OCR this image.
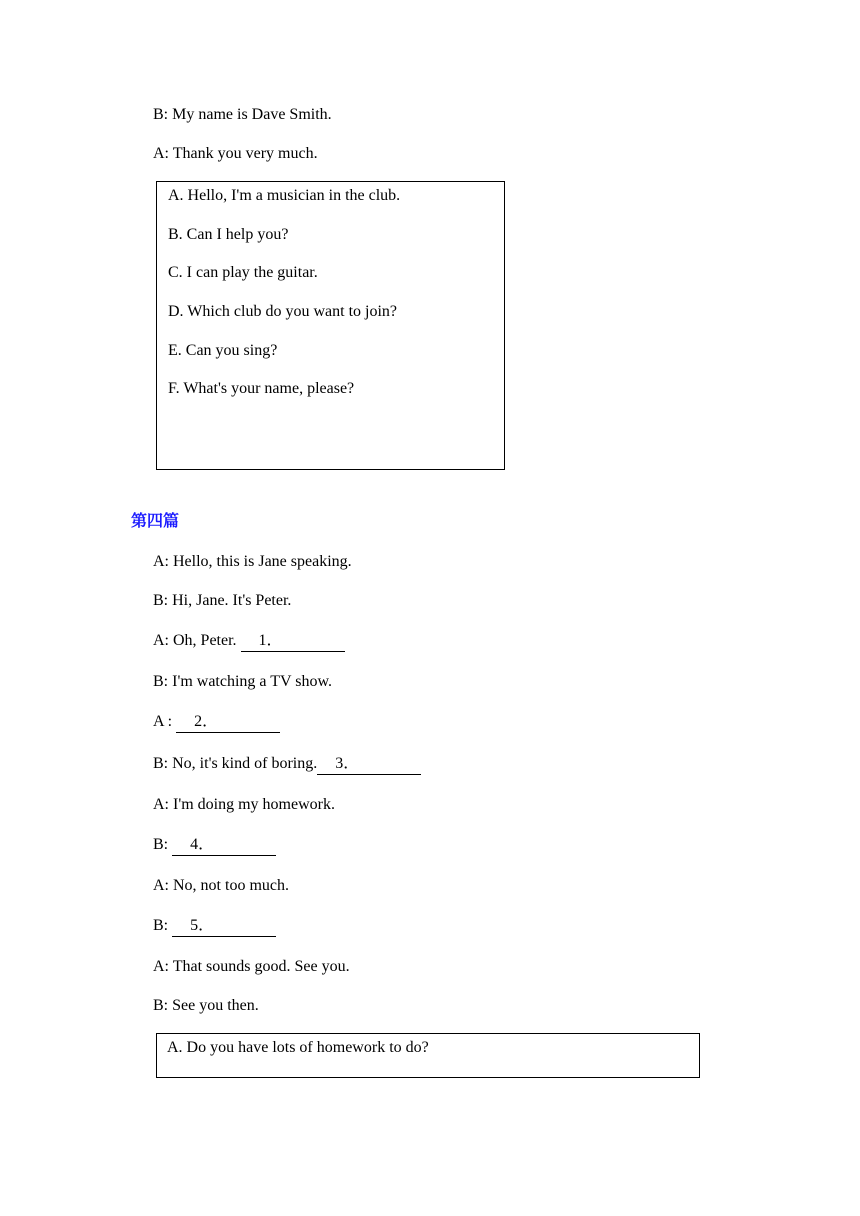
B: My name is Dave Smith.
A: Thank you very much.
A. Hello, I'm a musician in the club.
B. Can I help you?
C. I can play the guitar.
D. Which club do you want to join?
E. Can you sing?
F. What's your name, please?
第四篇
A: Hello, this is Jane speaking.
B: Hi, Jane. It's Peter.
A: Oh, Peter. 1．
B: I'm watching a TV show.
A : 2．
B: No, it's kind of boring. 3．
A: I'm doing my homework.
B: 4．
A: No, not too much.
B: 5．
A: That sounds good. See you.
B: See you then.
A. Do you have lots of homework to do?
